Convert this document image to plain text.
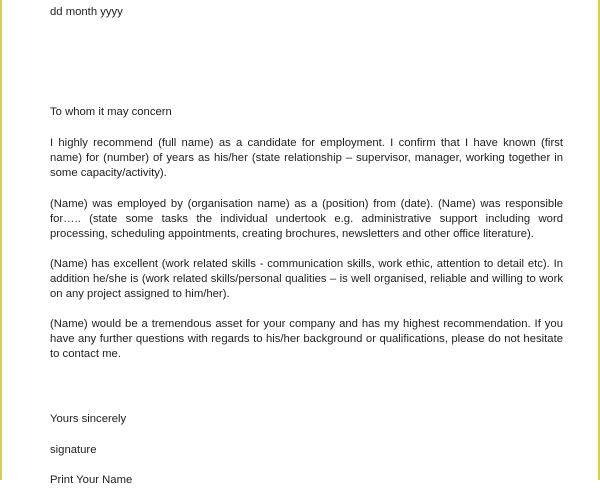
dd month yyyy

To whom it may concern

I highly recommend (full name) as a candidate for employment. I confirm that I have known (first name) for (number) of years as his/her (state relationship – supervisor, manager, working together in some capacity/activity).

(Name) was employed by (organisation name) as a (position) from (date). (Name) was responsible for….. (state some tasks the individual undertook e.g. administrative support including word processing, scheduling appointments, creating brochures, newsletters and other office literature).

(Name) has excellent (work related skills - communication skills, work ethic, attention to detail etc). In addition he/she is (work related skills/personal qualities – is well organised, reliable and willing to work on any project assigned to him/her).

(Name) would be a tremendous asset for your company and has my highest recommendation. If you have any further questions with regards to his/her background or qualifications, please do not hesitate to contact me.

Yours sincerely

signature

Print Your Name
